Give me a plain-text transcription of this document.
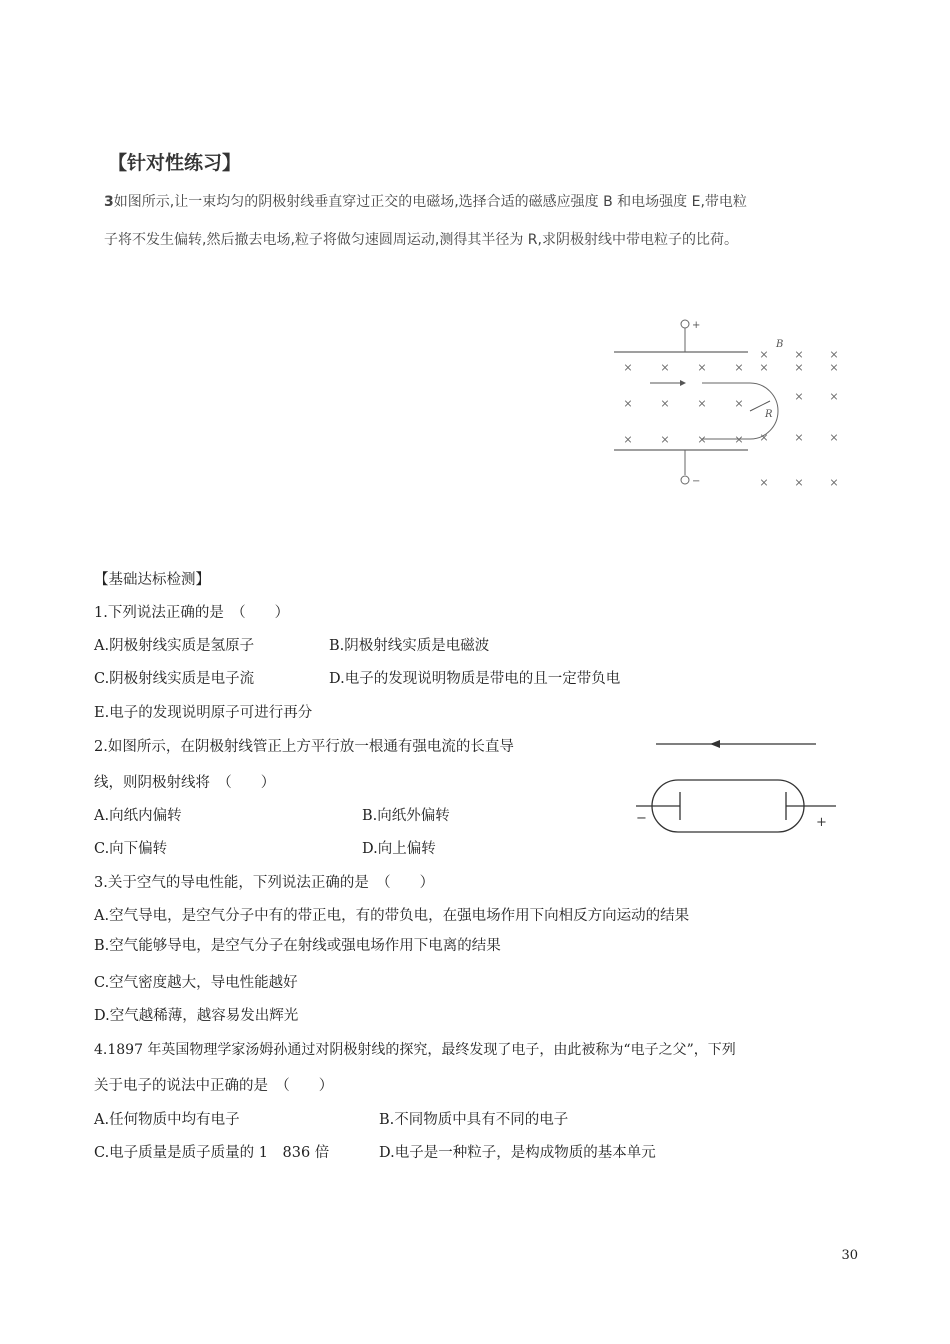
【针对性练习】
3如图所示,让一束均匀的阴极射线垂直穿过正交的电磁场,选择合适的磁感应强度 B 和电场强度 E,带电粒
子将不发生偏转,然后撤去电场,粒子将做匀速圆周运动,测得其半径为 R,求阴极射线中带电粒子的比荷。
+
−
B
R
× × ×
×	×	×	× × × ×
×	×	×	×
× ×
×	×	×	× × × ×
× × ×
【基础达标检测】
1.下列说法正确的是　（　　）
A.阴极射线实质是氢原子	B.阴极射线实质是电磁波
C.阴极射线实质是电子流	D.电子的发现说明物质是带电的且一定带负电
E.电子的发现说明原子可进行再分
2.如图所示，在阴极射线管正上方平行放一根通有强电流的长直导
线，则阴极射线将　（　　）
A.向纸内偏转	B.向纸外偏转
C.向下偏转	D.向上偏转
−	+
3.关于空气的导电性能，下列说法正确的是　（　　）
A.空气导电，是空气分子中有的带正电，有的带负电，在强电场作用下向相反方向运动的结果
B.空气能够导电，是空气分子在射线或强电场作用下电离的结果
C.空气密度越大，导电性能越好
D.空气越稀薄，越容易发出辉光
4.1897 年英国物理学家汤姆孙通过对阴极射线的探究，最终发现了电子，由此被称为“电子之父”，下列
关于电子的说法中正确的是　（　　）
A.任何物质中均有电子	B.不同物质中具有不同的电子
C.电子质量是质子质量的 1　836 倍	D.电子是一种粒子，是构成物质的基本单元
30
